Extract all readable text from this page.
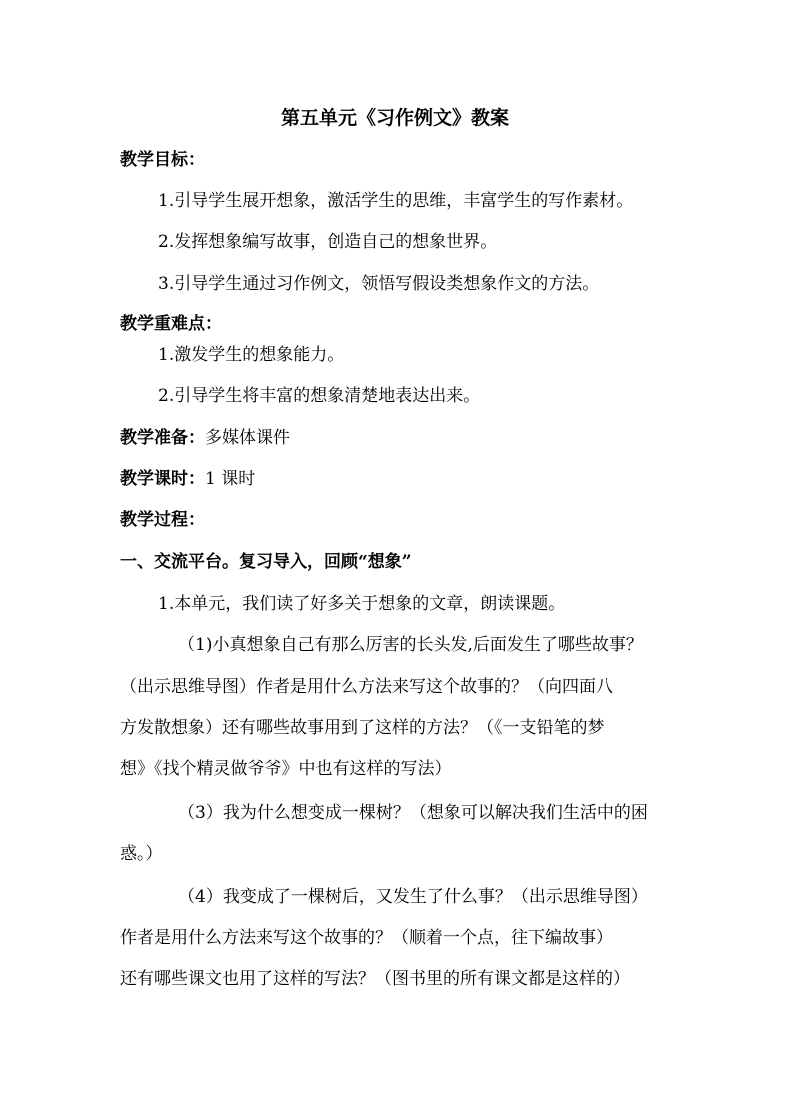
第五单元《习作例文》教案
教学目标：
1.引导学生展开想象，激活学生的思维，丰富学生的写作素材。
2.发挥想象编写故事，创造自己的想象世界。
3.引导学生通过习作例文，领悟写假设类想象作文的方法。
教学重难点：
1.激发学生的想象能力。
2.引导学生将丰富的想象清楚地表达出来。
教学准备：多媒体课件
教学课时：1 课时
教学过程：
一、交流平台。复习导入，回顾“想象”
1.本单元，我们读了好多关于想象的文章，朗读课题。
（1)小真想象自己有那么厉害的长头发,后面发生了哪些故事？
（出示思维导图）作者是用什么方法来写这个故事的？（向四面八
方发散想象）还有哪些故事用到了这样的方法？（《一支铅笔的梦
想》《找个精灵做爷爷》中也有这样的写法）
（3）我为什么想变成一棵树？（想象可以解决我们生活中的困
惑。）
（4）我变成了一棵树后，又发生了什么事？（出示思维导图）
作者是用什么方法来写这个故事的？（顺着一个点，往下编故事）
还有哪些课文也用了这样的写法？（图书里的所有课文都是这样的）
